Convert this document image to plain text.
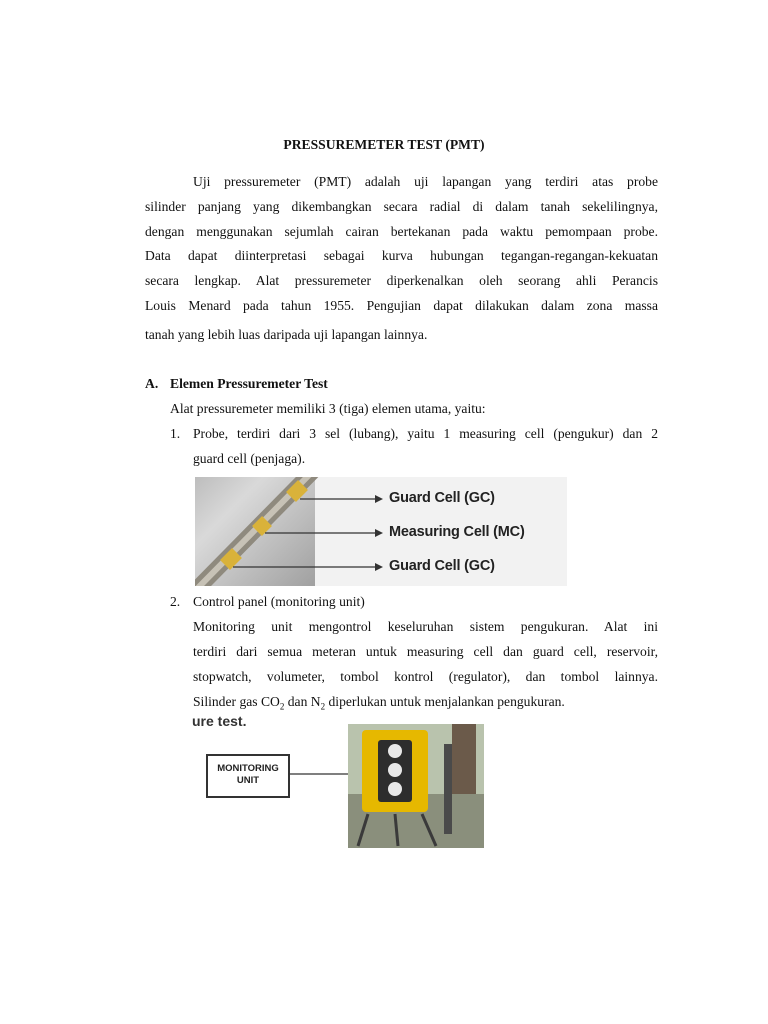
PRESSUREMETER TEST (PMT)
Uji pressuremeter (PMT) adalah uji lapangan yang terdiri atas probe
silinder panjang yang dikembangkan secara radial di dalam tanah sekelilingnya,
dengan menggunakan sejumlah cairan bertekanan pada waktu pemompaan probe.
Data dapat diinterpretasi sebagai kurva hubungan tegangan-regangan-kekuatan
secara lengkap. Alat pressuremeter diperkenalkan oleh seorang ahli Perancis
Louis Menard pada tahun 1955. Pengujian dapat dilakukan dalam zona massa
tanah yang lebih luas daripada uji lapangan lainnya.
A. Elemen Pressuremeter Test
Alat pressuremeter memiliki 3 (tiga) elemen utama, yaitu:
1. Probe, terdiri dari 3 sel (lubang), yaitu 1 measuring cell (pengukur) dan 2
guard cell (penjaga).
Guard Cell (GC)
Measuring Cell (MC)
Guard Cell (GC)
2. Control panel (monitoring unit)
Monitoring unit mengontrol keseluruhan sistem pengukuran. Alat ini
terdiri dari semua meteran untuk measuring cell dan guard cell, reservoir,
stopwatch, volumeter, tombol kontrol (regulator), dan tombol lainnya.
Silinder gas $CO_2$ dan $N_2$ diperlukan untuk menjalankan pengukuran.
ure test.
MONITORING
UNIT
